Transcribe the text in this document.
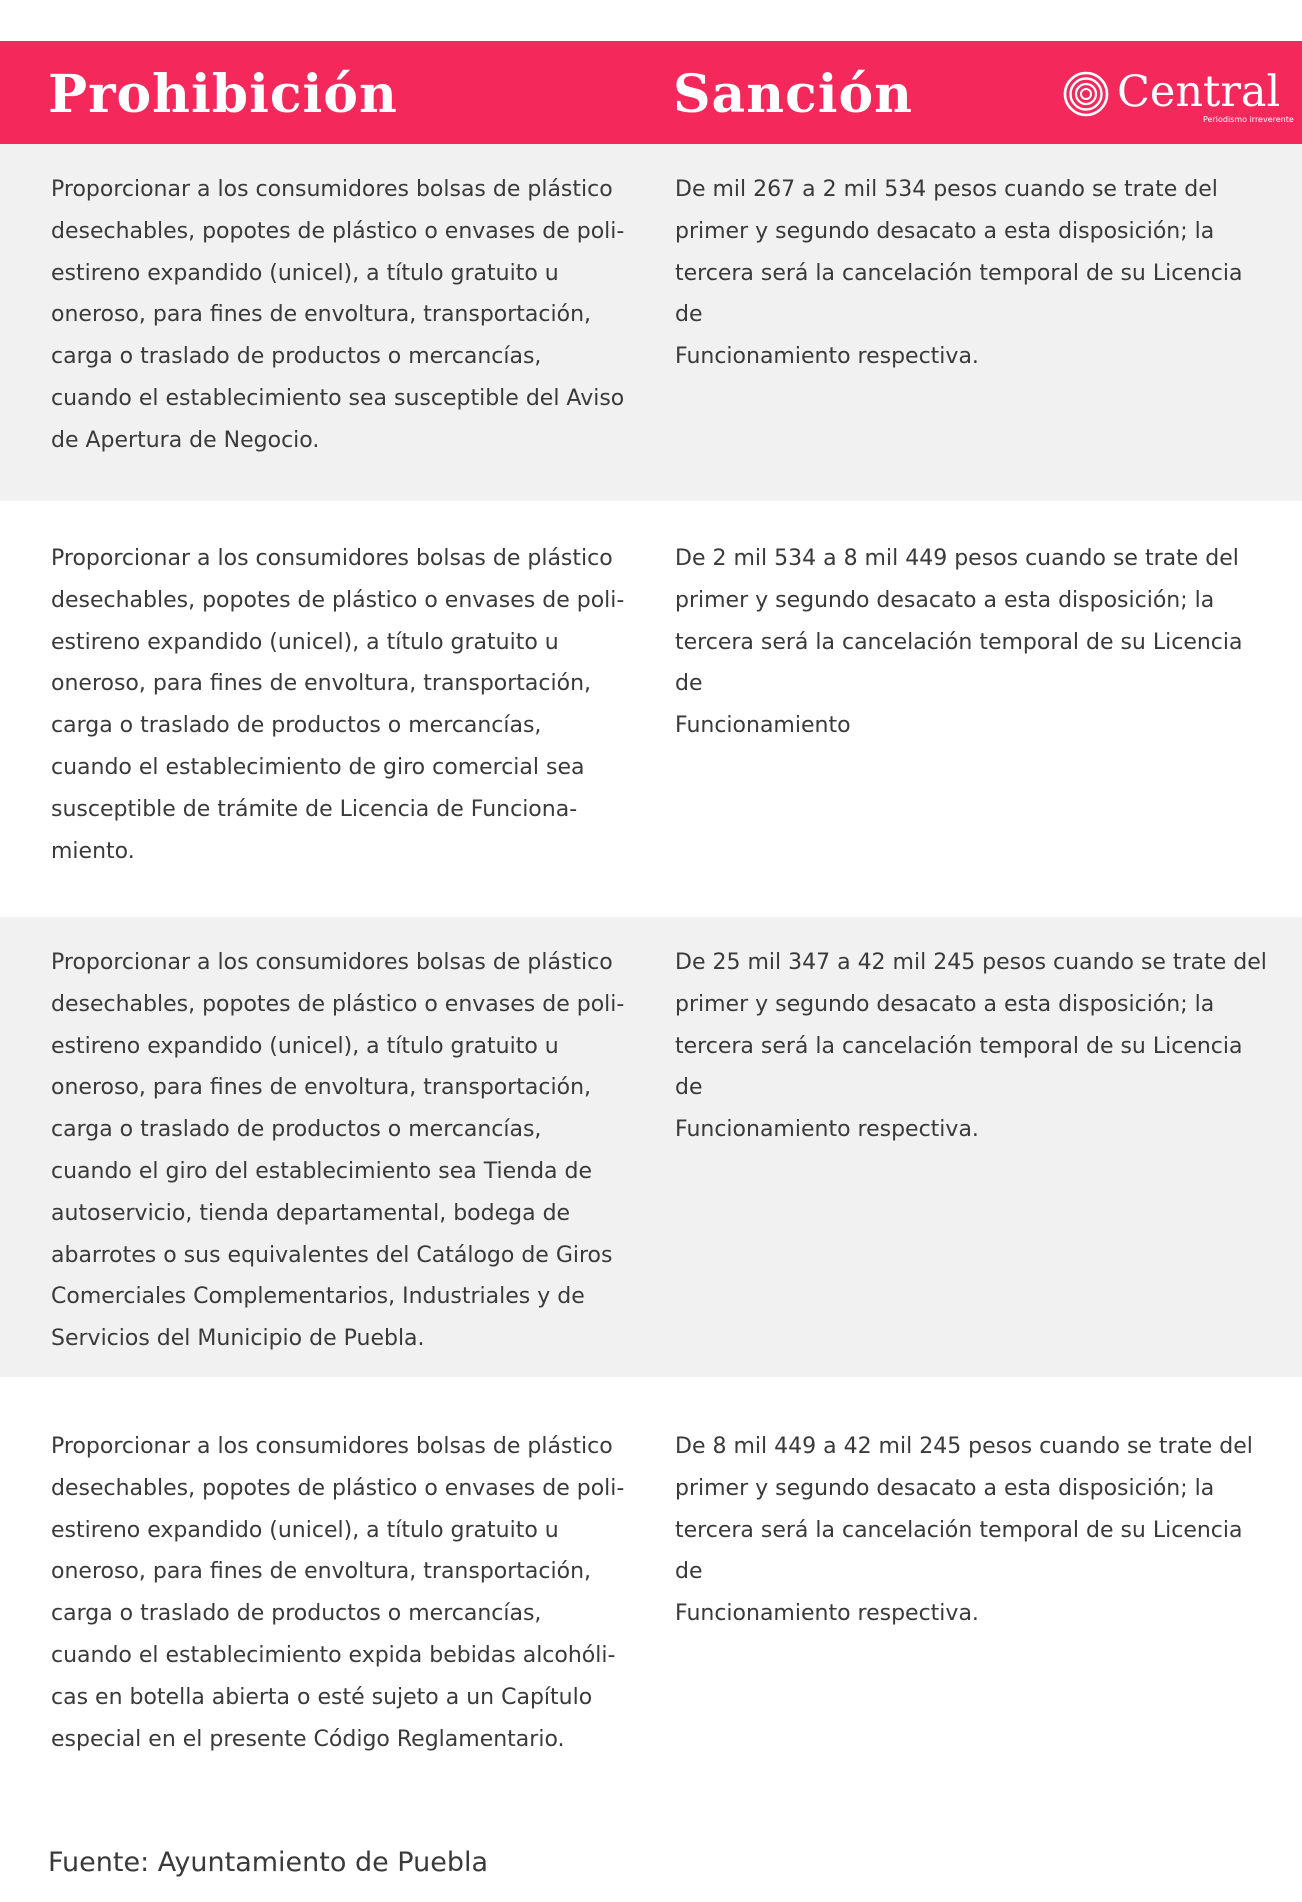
Prohibición	Sanción	Central
Periodismo irreverente
Proporcionar a los consumidores bolsas de plástico
desechables, popotes de plástico o envases de poli-
estireno expandido (unicel), a título gratuito u
oneroso, para fines de envoltura, transportación,
carga o traslado de productos o mercancías,
cuando el establecimiento sea susceptible del Aviso
de Apertura de Negocio.
De mil 267 a 2 mil 534 pesos cuando se trate del
primer y segundo desacato a esta disposición; la
tercera será la cancelación temporal de su Licencia de
Funcionamiento respectiva.
Proporcionar a los consumidores bolsas de plástico
desechables, popotes de plástico o envases de poli-
estireno expandido (unicel), a título gratuito u
oneroso, para fines de envoltura, transportación,
carga o traslado de productos o mercancías,
cuando el establecimiento de giro comercial sea
susceptible de trámite de Licencia de Funciona-
miento.
De 2 mil 534 a 8 mil 449 pesos cuando se trate del
primer y segundo desacato a esta disposición; la
tercera será la cancelación temporal de su Licencia de
Funcionamiento
Proporcionar a los consumidores bolsas de plástico
desechables, popotes de plástico o envases de poli-
estireno expandido (unicel), a título gratuito u
oneroso, para fines de envoltura, transportación,
carga o traslado de productos o mercancías,
cuando el giro del establecimiento sea Tienda de
autoservicio, tienda departamental, bodega de
abarrotes o sus equivalentes del Catálogo de Giros
Comerciales Complementarios, Industriales y de
Servicios del Municipio de Puebla.
De 25 mil 347 a 42 mil 245 pesos cuando se trate del
primer y segundo desacato a esta disposición; la
tercera será la cancelación temporal de su Licencia de
Funcionamiento respectiva.
Proporcionar a los consumidores bolsas de plástico
desechables, popotes de plástico o envases de poli-
estireno expandido (unicel), a título gratuito u
oneroso, para fines de envoltura, transportación,
carga o traslado de productos o mercancías,
cuando el establecimiento expida bebidas alcohóli-
cas en botella abierta o esté sujeto a un Capítulo
especial en el presente Código Reglamentario.
De 8 mil 449 a 42 mil 245 pesos cuando se trate del
primer y segundo desacato a esta disposición; la
tercera será la cancelación temporal de su Licencia de
Funcionamiento respectiva.
Fuente: Ayuntamiento de Puebla
